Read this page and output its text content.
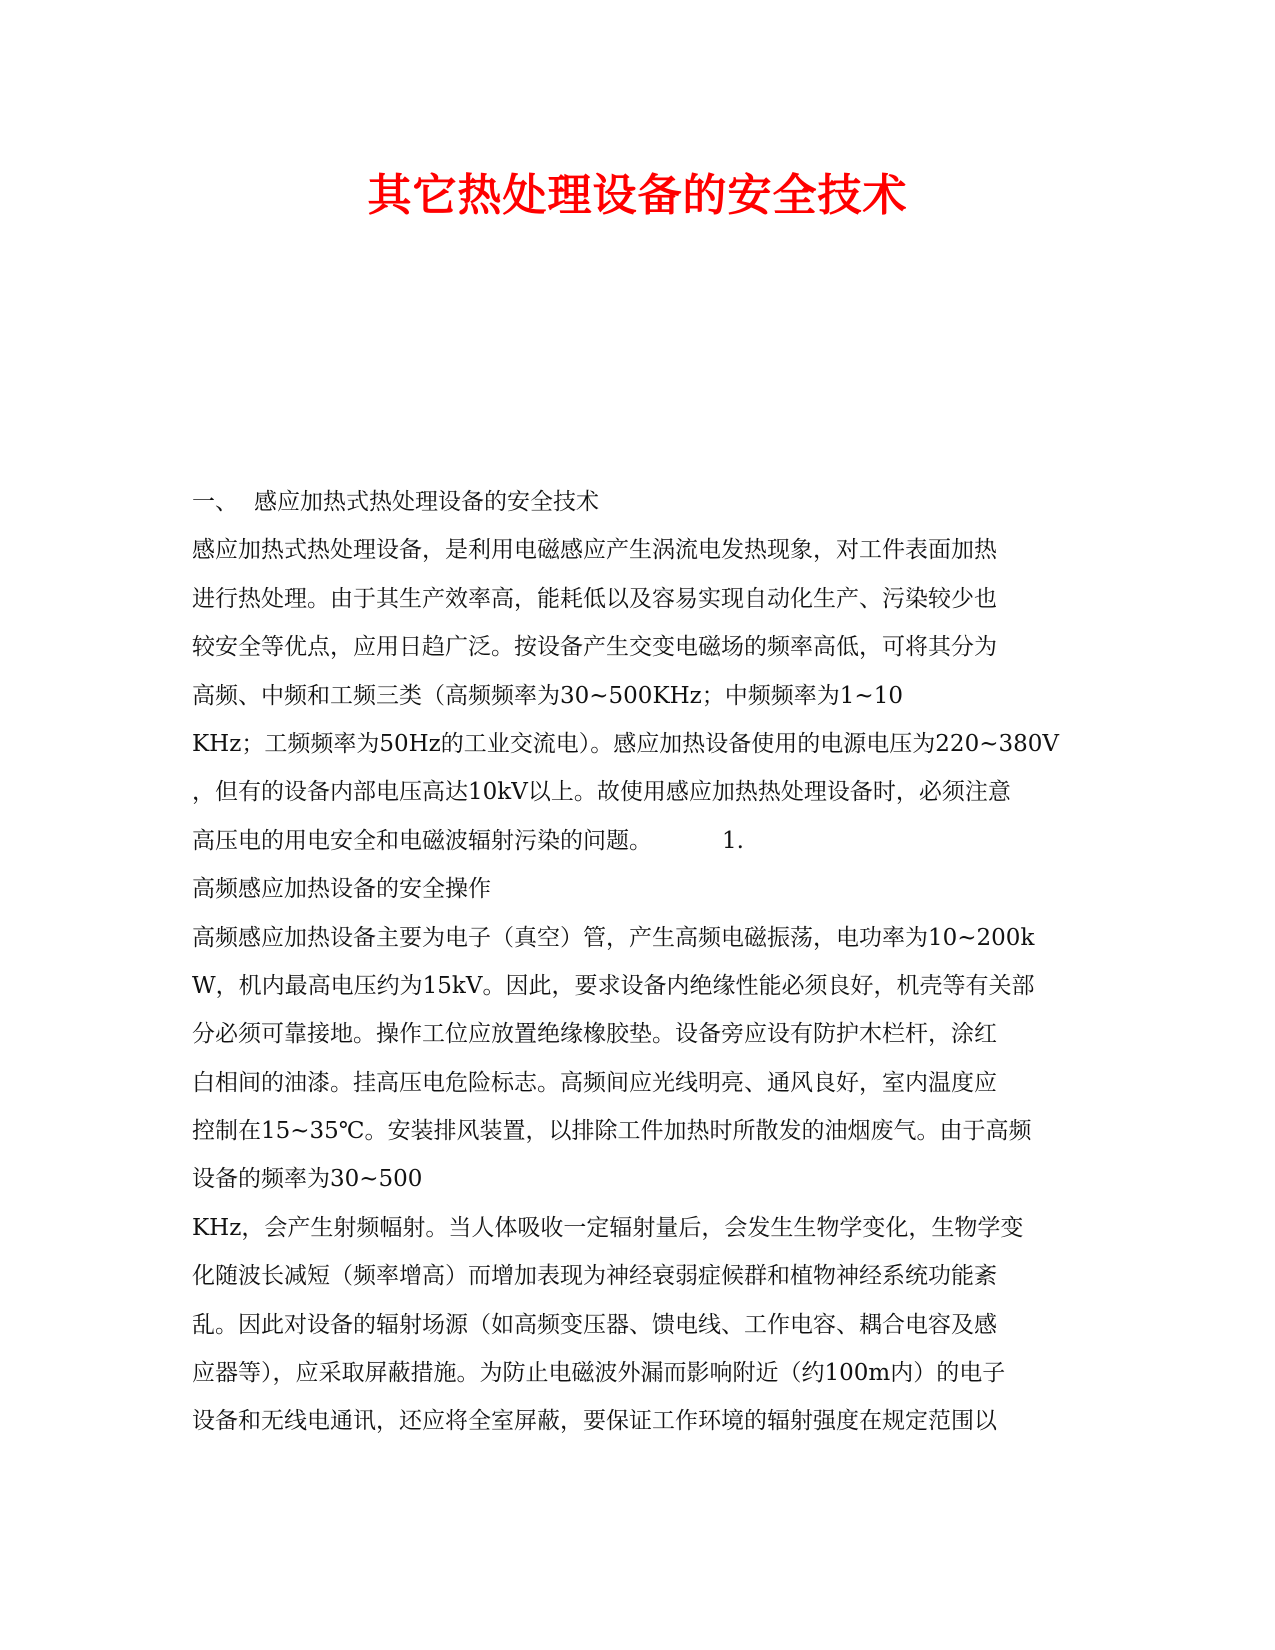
其它热处理设备的安全技术
一、 感应加热式热处理设备的安全技术
感应加热式热处理设备，是利用电磁感应产生涡流电发热现象，对工件表面加热
进行热处理。由于其生产效率高，能耗低以及容易实现自动化生产、污染较少也
较安全等优点，应用日趋广泛。按设备产生交变电磁场的频率高低，可将其分为
高频、中频和工频三类（高频频率为30~500KHz；中频频率为1~10
KHz；工频频率为50Hz的工业交流电）。感应加热设备使用的电源电压为220~380V
，但有的设备内部电压高达10kV以上。故使用感应加热热处理设备时，必须注意
高压电的用电安全和电磁波辐射污染的问题。	1.
高频感应加热设备的安全操作
高频感应加热设备主要为电子（真空）管，产生高频电磁振荡，电功率为10~200k
W，机内最高电压约为15kV。因此，要求设备内绝缘性能必须良好，机壳等有关部
分必须可靠接地。操作工位应放置绝缘橡胶垫。设备旁应设有防护木栏杆，涂红
白相间的油漆。挂高压电危险标志。高频间应光线明亮、通风良好，室内温度应
控制在15~35℃。安装排风装置，以排除工件加热时所散发的油烟废气。由于高频
设备的频率为30~500
KHz，会产生射频幅射。当人体吸收一定辐射量后，会发生生物学变化，生物学变
化随波长减短（频率增高）而增加表现为神经衰弱症候群和植物神经系统功能紊
乱。因此对设备的辐射场源（如高频变压器、馈电线、工作电容、耦合电容及感
应器等），应采取屏蔽措施。为防止电磁波外漏而影响附近（约100m内）的电子
设备和无线电通讯，还应将全室屏蔽，要保证工作环境的辐射强度在规定范围以
